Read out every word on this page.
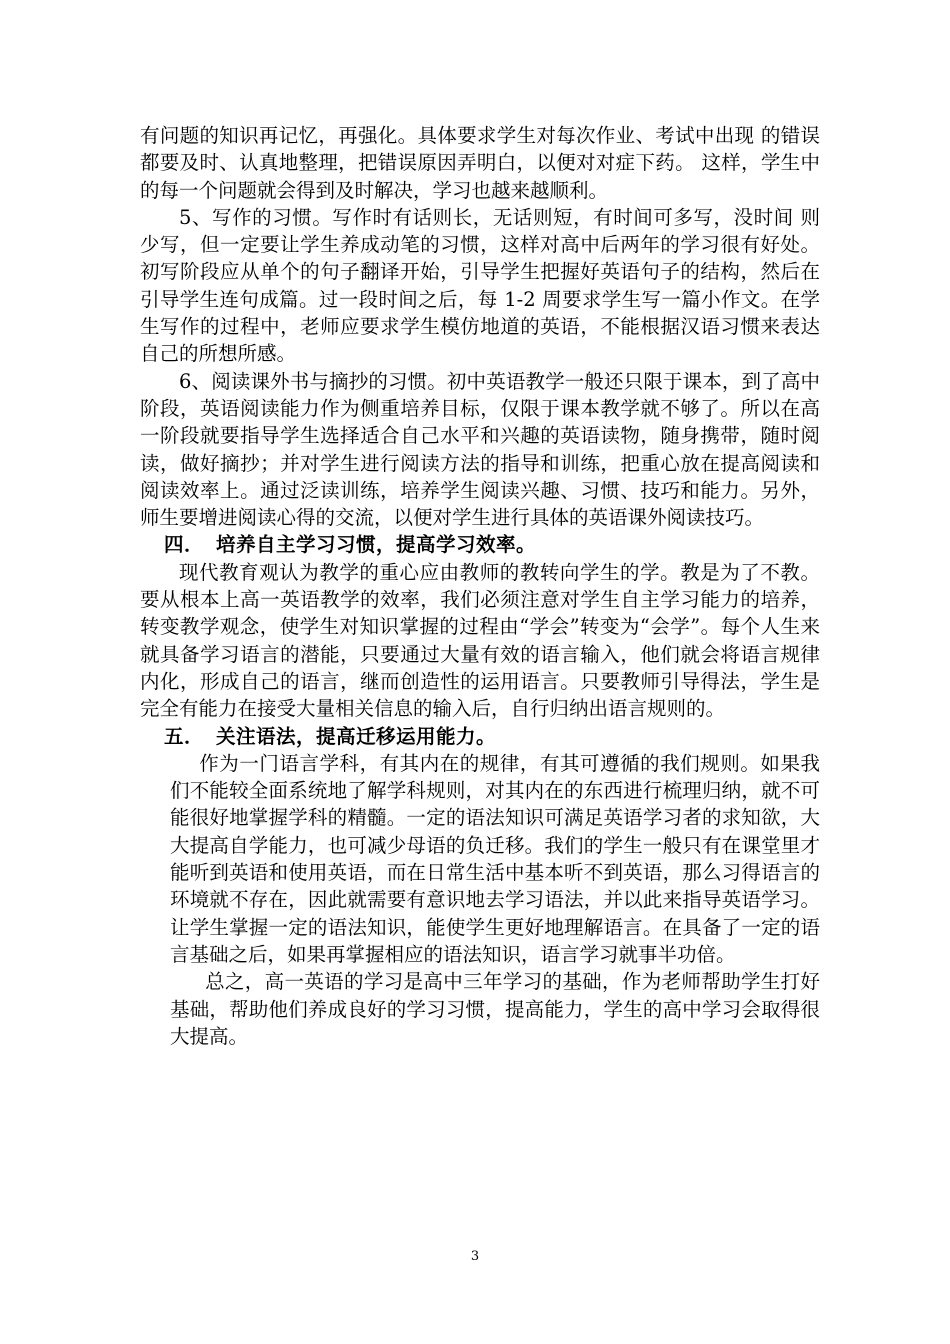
有问题的知识再记忆，再强化。具体要求学生对每次作业、考试中出现 的错误都要及时、认真地整理，把错误原因弄明白，以便对对症下药。 这样，学生中的每一个问题就会得到及时解决，学习也越来越顺利。

5、写作的习惯。写作时有话则长，无话则短，有时间可多写，没时间 则少写，但一定要让学生养成动笔的习惯，这样对高中后两年的学习很有好处。初写阶段应从单个的句子翻译开始，引导学生把握好英语句子的结构，然后在引导学生连句成篇。过一段时间之后，每 1-2 周要求学生写一篇小作文。在学生写作的过程中，老师应要求学生模仿地道的英语，不能根据汉语习惯来表达自己的所想所感。

6、阅读课外书与摘抄的习惯。初中英语教学一般还只限于课本，到了高中阶段，英语阅读能力作为侧重培养目标，仅限于课本教学就不够了。所以在高一阶段就要指导学生选择适合自己水平和兴趣的英语读物，随身携带，随时阅读，做好摘抄；并对学生进行阅读方法的指导和训练，把重心放在提高阅读和阅读效率上。通过泛读训练，培养学生阅读兴趣、习惯、技巧和能力。另外，师生要增进阅读心得的交流，以便对学生进行具体的英语课外阅读技巧。

四． 培养自主学习习惯，提高学习效率。

现代教育观认为教学的重心应由教师的教转向学生的学。教是为了不教。要从根本上高一英语教学的效率，我们必须注意对学生自主学习能力的培养，转变教学观念，使学生对知识掌握的过程由“学会”转变为“会学”。每个人生来就具备学习语言的潜能，只要通过大量有效的语言输入，他们就会将语言规律内化，形成自己的语言，继而创造性的运用语言。只要教师引导得法，学生是完全有能力在接受大量相关信息的输入后，自行归纳出语言规则的。

五． 关注语法，提高迁移运用能力。

作为一门语言学科，有其内在的规律，有其可遵循的我们规则。如果我们不能较全面系统地了解学科规则，对其内在的东西进行梳理归纳，就不可能很好地掌握学科的精髓。一定的语法知识可满足英语学习者的求知欲，大大提高自学能力，也可减少母语的负迁移。我们的学生一般只有在课堂里才能听到英语和使用英语，而在日常生活中基本听不到英语，那么习得语言的环境就不存在，因此就需要有意识地去学习语法，并以此来指导英语学习。让学生掌握一定的语法知识，能使学生更好地理解语言。在具备了一定的语言基础之后，如果再掌握相应的语法知识，语言学习就事半功倍。

总之，高一英语的学习是高中三年学习的基础，作为老师帮助学生打好基础，帮助他们养成良好的学习习惯，提高能力，学生的高中学习会取得很大提高。

3
